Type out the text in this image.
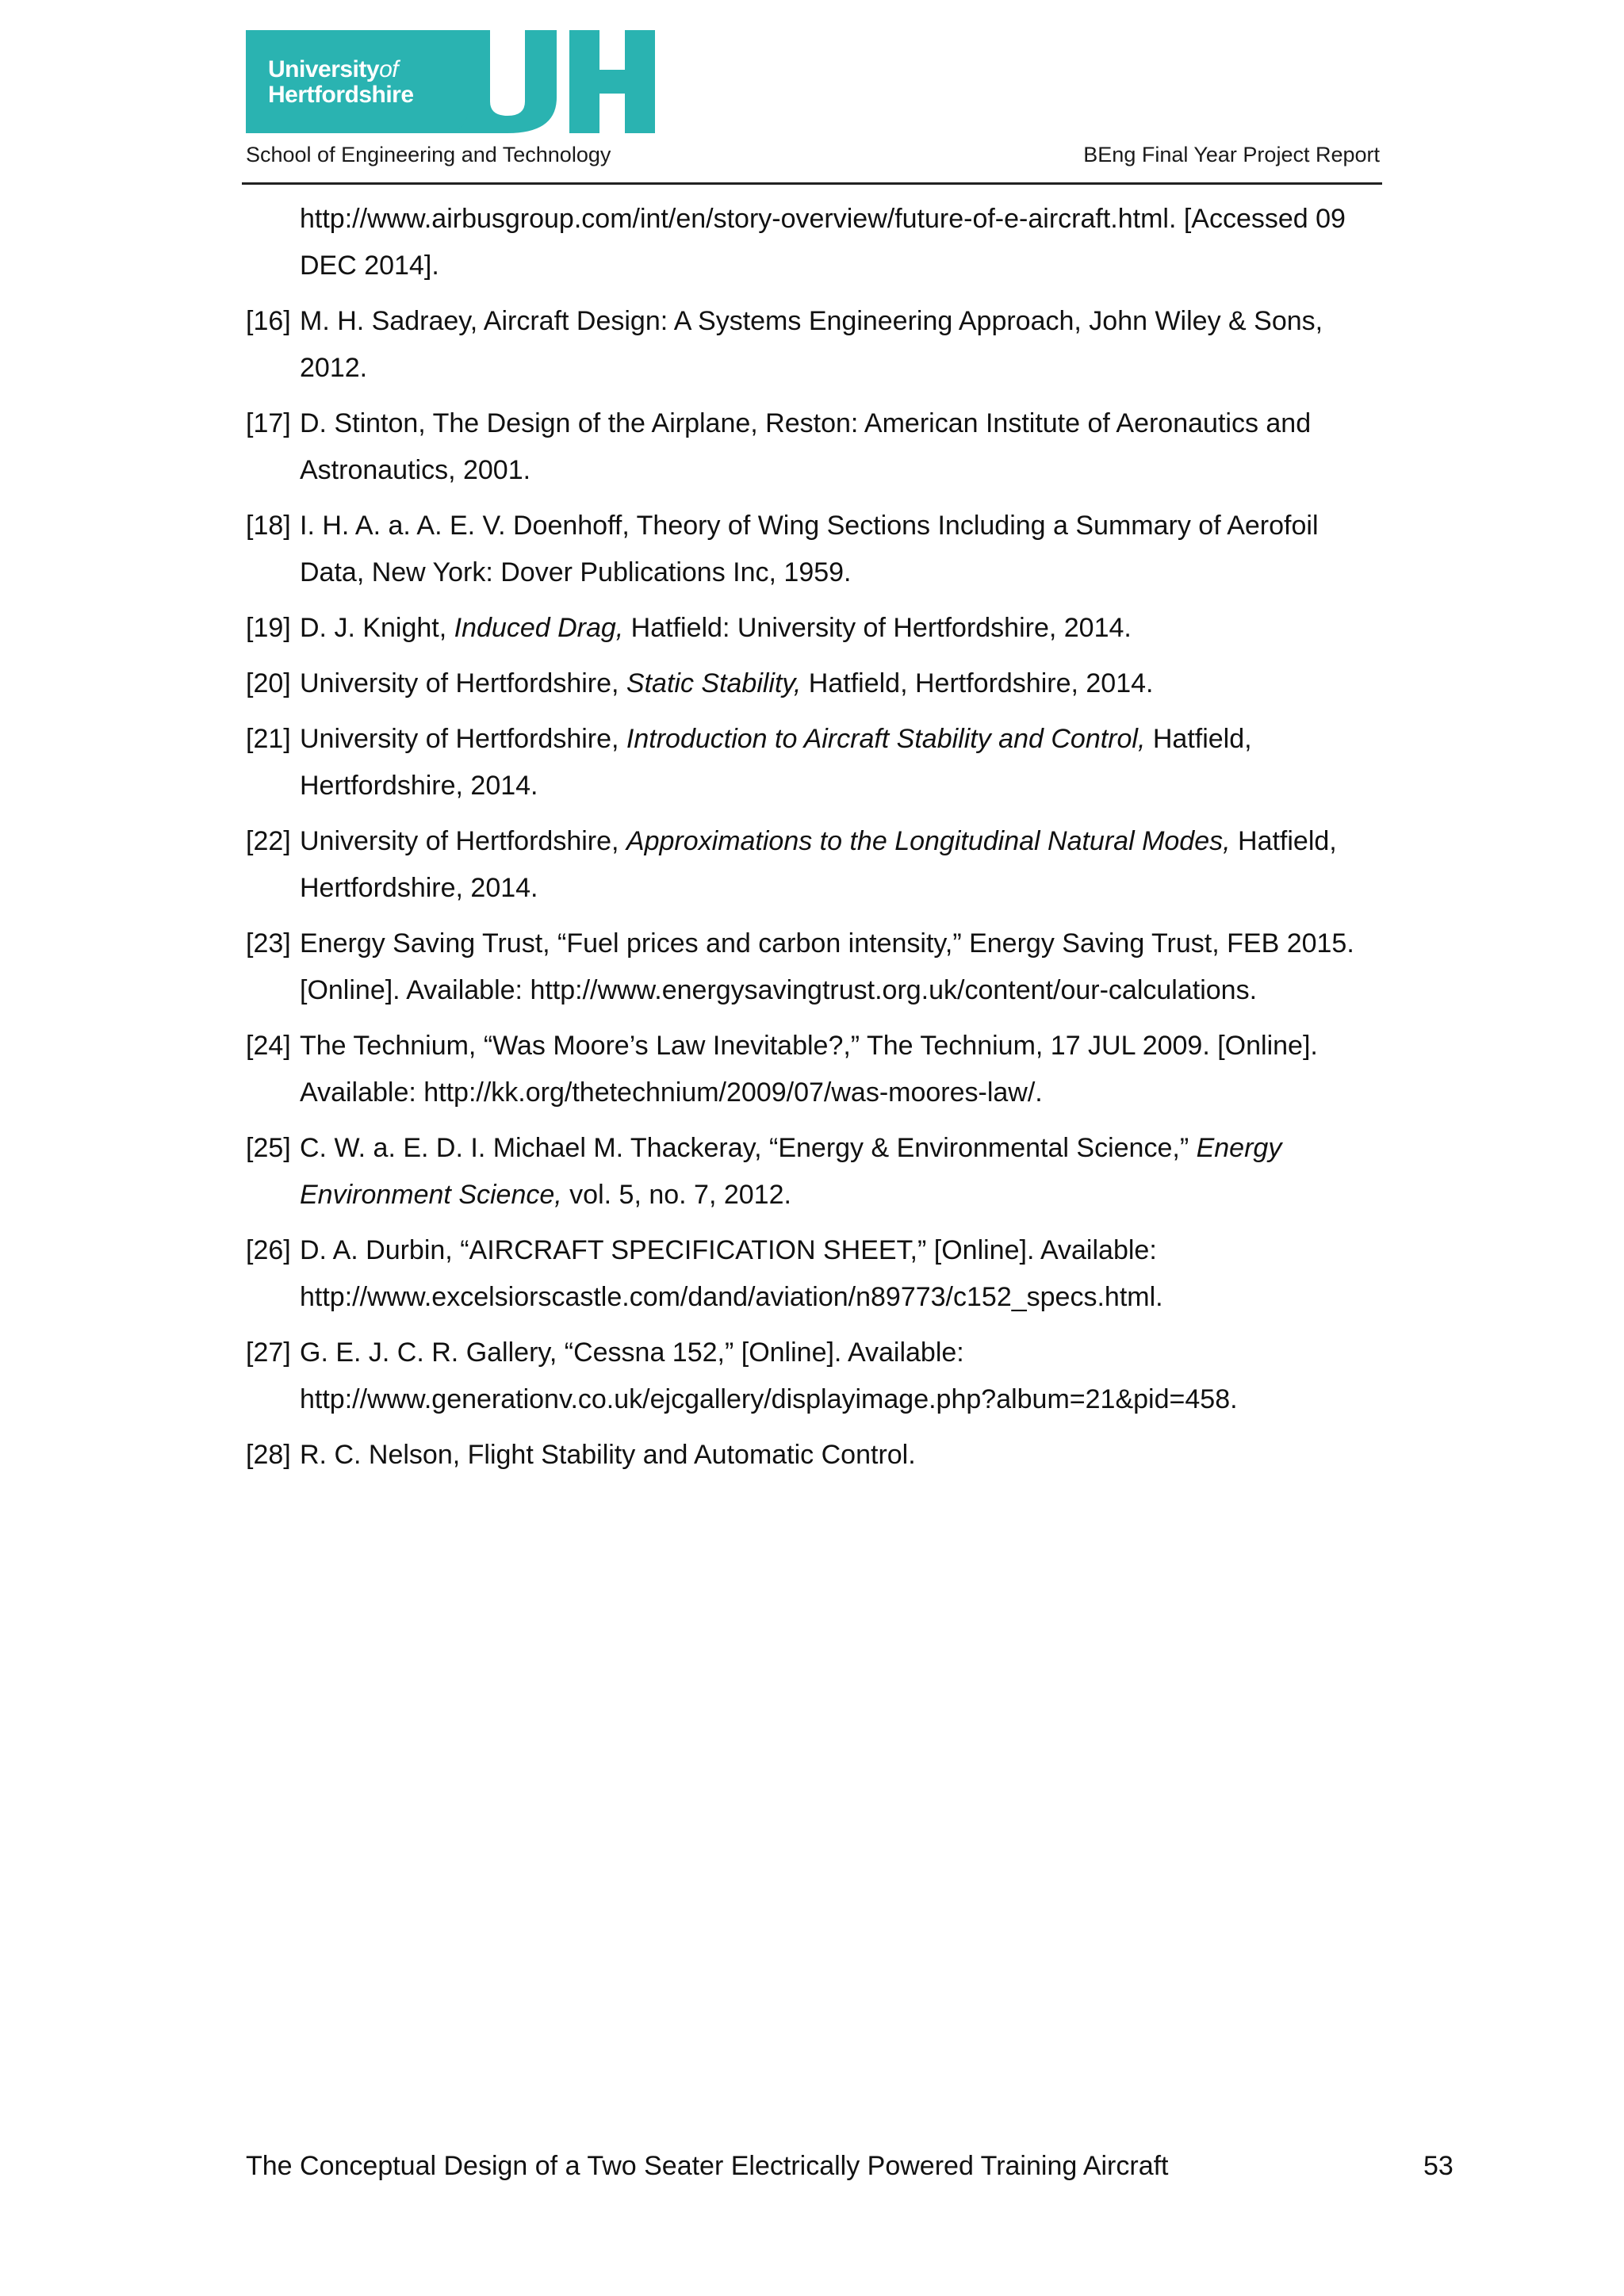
Universityof
Hertfordshire
School of Engineering and Technology	BEng Final Year Project Report
http://www.airbusgroup.com/int/en/story-overview/future-of-e-aircraft.html. [Accessed 09 DEC 2014].
[16] M. H. Sadraey, Aircraft Design: A Systems Engineering Approach, John Wiley & Sons, 2012.
[17] D. Stinton, The Design of the Airplane, Reston: American Institute of Aeronautics and Astronautics, 2001.
[18] I. H. A. a. A. E. V. Doenhoff, Theory of Wing Sections Including a Summary of Aerofoil Data, New York: Dover Publications Inc, 1959.
[19] D. J. Knight, Induced Drag, Hatfield: University of Hertfordshire, 2014.
[20] University of Hertfordshire, Static Stability, Hatfield, Hertfordshire, 2014.
[21] University of Hertfordshire, Introduction to Aircraft Stability and Control, Hatfield, Hertfordshire, 2014.
[22] University of Hertfordshire, Approximations to the Longitudinal Natural Modes, Hatfield, Hertfordshire, 2014.
[23] Energy Saving Trust, “Fuel prices and carbon intensity,” Energy Saving Trust, FEB 2015. [Online]. Available: http://www.energysavingtrust.org.uk/content/our-calculations.
[24] The Technium, “Was Moore’s Law Inevitable?,” The Technium, 17 JUL 2009. [Online]. Available: http://kk.org/thetechnium/2009/07/was-moores-law/.
[25] C. W. a. E. D. I. Michael M. Thackeray, “Energy & Environmental Science,” Energy Environment Science, vol. 5, no. 7, 2012.
[26] D. A. Durbin, “AIRCRAFT SPECIFICATION SHEET,” [Online]. Available: http://www.excelsiorscastle.com/dand/aviation/n89773/c152_specs.html.
[27] G. E. J. C. R. Gallery, “Cessna 152,” [Online]. Available: http://www.generationv.co.uk/ejcgallery/displayimage.php?album=21&pid=458.
[28] R. C. Nelson, Flight Stability and Automatic Control.
The Conceptual Design of a Two Seater Electrically Powered Training Aircraft	53
